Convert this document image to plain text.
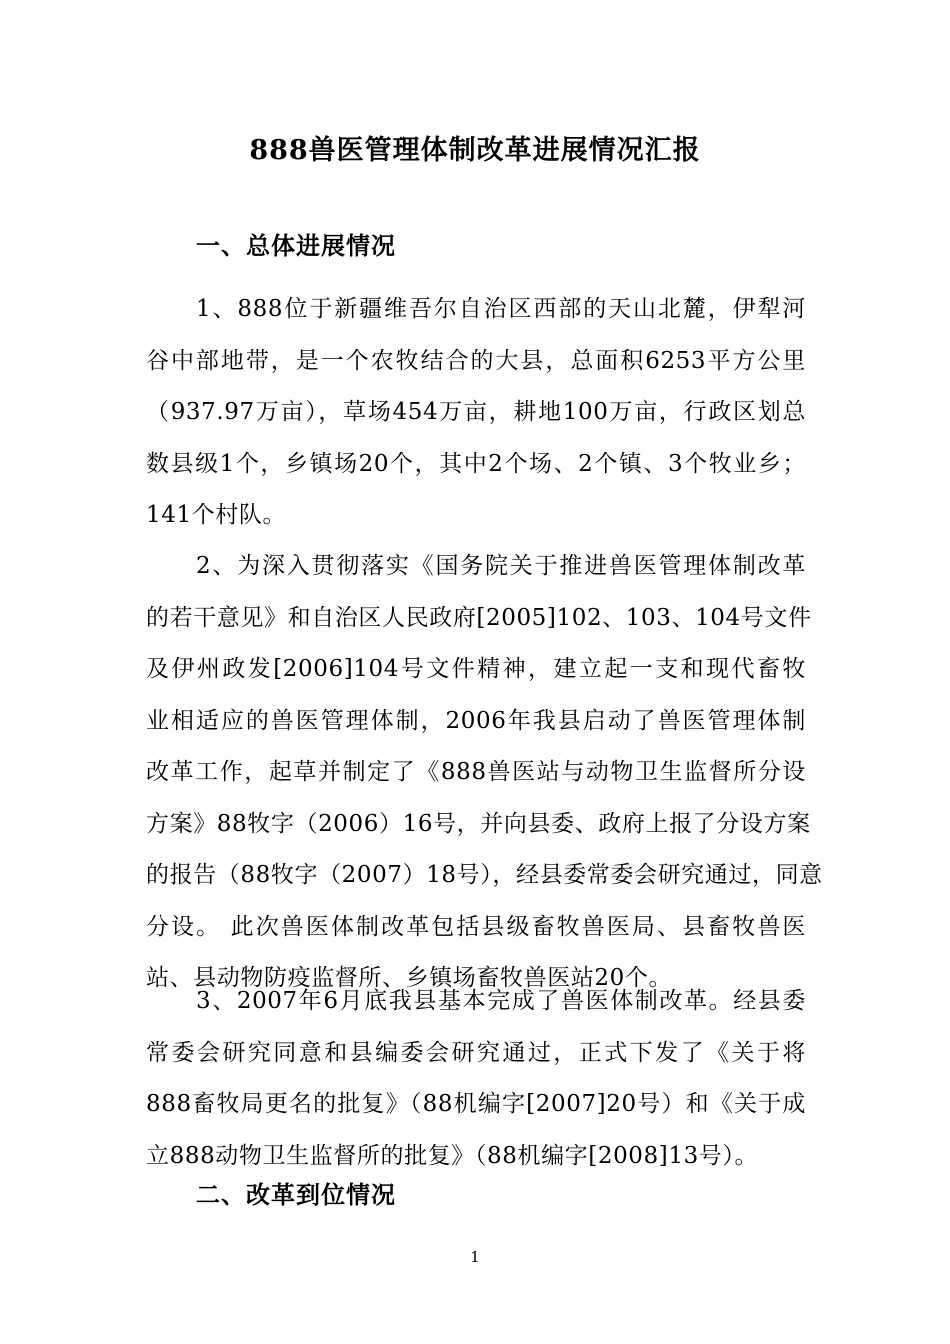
888兽医管理体制改革进展情况汇报
一、总体进展情况
1、888位于新疆维吾尔自治区西部的天山北麓，伊犁河
谷中部地带，是一个农牧结合的大县，总面积6253平方公里
（937.97万亩），草场454万亩，耕地100万亩，行政区划总
数县级1个，乡镇场20个，其中2个场、2个镇、3个牧业乡；
141个村队。
2、为深入贯彻落实《国务院关于推进兽医管理体制改革
的若干意见》和自治区人民政府[2005]102、103、104号文件
及伊州政发[2006]104号文件精神，建立起一支和现代畜牧
业相适应的兽医管理体制，2006年我县启动了兽医管理体制
改革工作，起草并制定了《888兽医站与动物卫生监督所分设
方案》88牧字（2006）16号，并向县委、政府上报了分设方案
的报告（88牧字（2007）18号），经县委常委会研究通过，同意
分设。 此次兽医体制改革包括县级畜牧兽医局、县畜牧兽医
站、县动物防疫监督所、乡镇场畜牧兽医站20个。
3、2007年6月底我县基本完成了兽医体制改革。经县委
常委会研究同意和县编委会研究通过，正式下发了《关于将
888畜牧局更名的批复》（88机编字[2007]20号）和《关于成
立888动物卫生监督所的批复》（88机编字[2008]13号）。
二、改革到位情况
1
